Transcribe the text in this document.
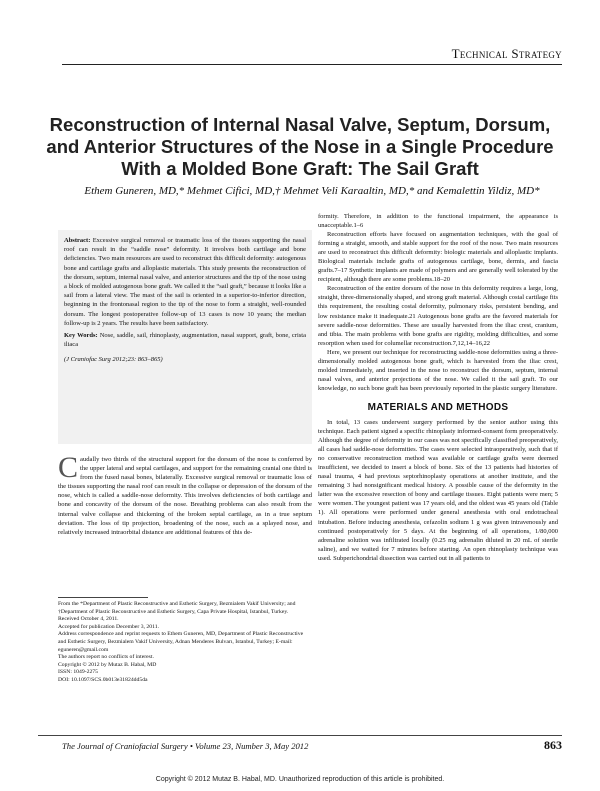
Technical Strategy
Reconstruction of Internal Nasal Valve, Septum, Dorsum, and Anterior Structures of the Nose in a Single Procedure With a Molded Bone Graft: The Sail Graft
Ethem Guneren, MD,* Mehmet Cifici, MD,† Mehmet Veli Karaaltin, MD,* and Kemalettin Yildiz, MD*

Abstract: Excessive surgical removal or traumatic loss of the tissues supporting the nasal roof can result in the “saddle nose” deformity. It involves both cartilage and bone deficiencies. Two main resources are used to reconstruct this difficult deformity: autogenous bone and cartilage grafts and alloplastic materials. This study presents the reconstruction of the dorsum, septum, internal nasal valve, and anterior structures and the tip of the nose using a block of molded autogenous bone graft. We called it the “sail graft,” because it looks like a sail from a lateral view. The mast of the sail is oriented in a superior-to-inferior direction, beginning in the frontonasal region to the tip of the nose to form a straight, well-rounded dorsum. The longest postoperative follow-up of 13 cases is now 10 years; the median follow-up is 2 years. The results have been satisfactory.

Key Words: Nose, saddle, sail, rhinoplasty, augmentation, nasal support, graft, bone, crista iliaca

(J Craniofac Surg 2012;23: 863–865)

Caudally two thirds of the structural support for the dorsum of the nose is conferred by the upper lateral and septal cartilages, and support for the remaining cranial one third is from the fused nasal bones, bilaterally. Excessive surgical removal or traumatic loss of the tissues supporting the nasal roof can result in the collapse or depression of the dorsum of the nose, which is called a saddle-nose deformity. This involves deficiencies of both cartilage and bone and concavity of the dorsum of the nose. Breathing problems can also result from the internal valve collapse and thickening of the broken septal cartilage, as in a true septum deviation. The loss of tip projection, broadening of the nose, such as a splayed nose, and relatively increased intraorbital distance are additional features of this de-
From the *Department of Plastic Reconstructive and Esthetic Surgery, Bezmialem Vakif University; and †Department of Plastic Reconstructive and Esthetic Surgery, Capa Private Hospital, Istanbul, Turkey.
Received October 4, 2011.
Accepted for publication December 3, 2011.
Address correspondence and reprint requests to Ethem Guneren, MD, Department of Plastic Reconstructive and Esthetic Surgery, Bezmialem Vakif University, Adnan Menderes Bulvarı, Istanbul, Turkey; E-mail: eguneren@gmail.com
The authors report no conflicts of interest.
Copyright © 2012 by Mutaz B. Habal, MD
ISSN: 1049-2275
DOI: 10.1097/SCS.0b013e31824dd5da

formity. Therefore, in addition to the functional impairment, the appearance is unacceptable.1–6

Reconstruction efforts have focused on augmentation techniques, with the goal of forming a straight, smooth, and stable support for the roof of the nose. Two main resources are used to reconstruct this difficult deformity: biologic materials and alloplastic implants. Biological materials include grafts of autogenous cartilage, bone, dermis, and fascia grafts.7–17 Synthetic implants are made of polymers and are generally well tolerated by the recipient, although there are some problems.18–20

Reconstruction of the entire dorsum of the nose in this deformity requires a large, long, straight, three-dimensionally shaped, and strong graft material. Although costal cartilage fits this requirement, the resulting costal deformity, pulmonary risks, persistent bending, and low resistance make it inadequate.21 Autogenous bone grafts are the favored materials for severe saddle-nose deformities. These are usually harvested from the iliac crest, cranium, and tibia. The main problems with bone grafts are rigidity, molding difficulties, and some resorption when used for columellar reconstruction.7,12,14–16,22

Here, we present our technique for reconstructing saddle-nose deformities using a three-dimensionally molded autogenous bone graft, which is harvested from the iliac crest, molded immediately, and inserted in the nose to reconstruct the dorsum, septum, internal nasal valves, and anterior projections of the nose. We called it the sail graft. To our knowledge, no such bone graft has been previously reported in the plastic surgery literature.

MATERIALS AND METHODS

In total, 13 cases underwent surgery performed by the senior author using this technique. Each patient signed a specific rhinoplasty informed-consent form preoperatively. Although the degree of deformity in our cases was not specifically classified preoperatively, all cases had saddle-nose deformities. The cases were selected intraoperatively, such that if no conservative reconstruction method was available or cartilage grafts were deemed insufficient, we decided to insert a block of bone. Six of the 13 patients had histories of nasal trauma, 4 had previous septorhinoplasty operations at another institute, and the remaining 3 had nonsignificant medical history. A possible cause of the deformity in the latter was the excessive resection of bony and cartilage tissues. Eight patients were men; 5 were women. The youngest patient was 17 years old, and the oldest was 45 years old (Table 1). All operations were performed under general anesthesia with oral endotracheal intubation. Before inducing anesthesia, cefazolin sodium 1 g was given intravenously and continued postoperatively for 5 days. At the beginning of all operations, 1/80,000 adrenaline solution was infiltrated locally (0.25 mg adrenalin diluted in 20 mL of sterile saline), and we waited for 7 minutes before starting. An open rhinoplasty technique was used. Subperichondrial dissection was carried out in all patients to

The Journal of Craniofacial Surgery • Volume 23, Number 3, May 2012	863
Copyright © 2012 Mutaz B. Habal, MD. Unauthorized reproduction of this article is prohibited.
